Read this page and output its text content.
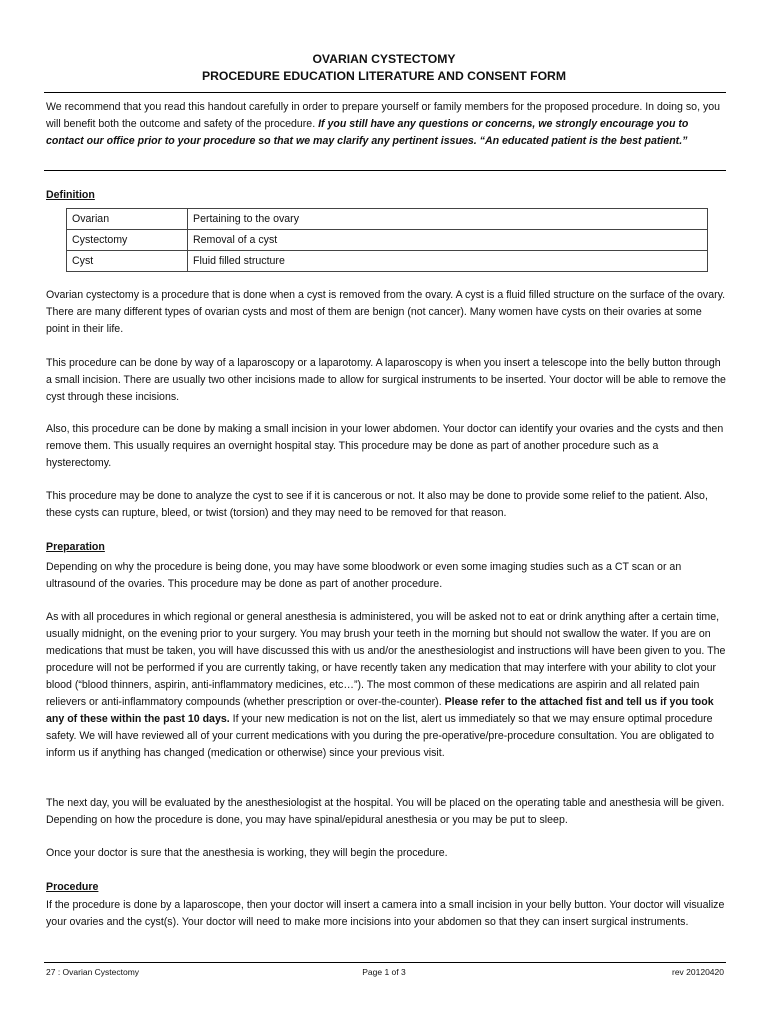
OVARIAN CYSTECTOMY
PROCEDURE EDUCATION LITERATURE AND CONSENT FORM
We recommend that you read this handout carefully in order to prepare yourself or family members for the proposed procedure. In doing so, you will benefit both the outcome and safety of the procedure. If you still have any questions or concerns, we strongly encourage you to contact our office prior to your procedure so that we may clarify any pertinent issues. “An educated patient is the best patient.”
Definition
Ovarian	Pertaining to the ovary
Cystectomy	Removal of a cyst
Cyst	Fluid filled structure
Ovarian cystectomy is a procedure that is done when a cyst is removed from the ovary. A cyst is a fluid filled structure on the surface of the ovary. There are many different types of ovarian cysts and most of them are benign (not cancer). Many women have cysts on their ovaries at some point in their life.
This procedure can be done by way of a laparoscopy or a laparotomy. A laparoscopy is when you insert a telescope into the belly button through a small incision. There are usually two other incisions made to allow for surgical instruments to be inserted. Your doctor will be able to remove the cyst through these incisions.
Also, this procedure can be done by making a small incision in your lower abdomen. Your doctor can identify your ovaries and the cysts and then remove them. This usually requires an overnight hospital stay. This procedure may be done as part of another procedure such as a hysterectomy.
This procedure may be done to analyze the cyst to see if it is cancerous or not. It also may be done to provide some relief to the patient. Also, these cysts can rupture, bleed, or twist (torsion) and they may need to be removed for that reason.
Preparation
Depending on why the procedure is being done, you may have some bloodwork or even some imaging studies such as a CT scan or an ultrasound of the ovaries. This procedure may be done as part of another procedure.
As with all procedures in which regional or general anesthesia is administered, you will be asked not to eat or drink anything after a certain time, usually midnight, on the evening prior to your surgery. You may brush your teeth in the morning but should not swallow the water. If you are on medications that must be taken, you will have discussed this with us and/or the anesthesiologist and instructions will have been given to you. The procedure will not be performed if you are currently taking, or have recently taken any medication that may interfere with your ability to clot your blood (“blood thinners, aspirin, anti-inflammatory medicines, etc…”). The most common of these medications are aspirin and all related pain relievers or anti-inflammatory compounds (whether prescription or over-the-counter). Please refer to the attached fist and tell us if you took any of these within the past 10 days. If your new medication is not on the list, alert us immediately so that we may ensure optimal procedure safety. We will have reviewed all of your current medications with you during the pre-operative/pre-procedure consultation. You are obligated to inform us if anything has changed (medication or otherwise) since your previous visit.
The next day, you will be evaluated by the anesthesiologist at the hospital. You will be placed on the operating table and anesthesia will be given. Depending on how the procedure is done, you may have spinal/epidural anesthesia or you may be put to sleep.
Once your doctor is sure that the anesthesia is working, they will begin the procedure.
Procedure
If the procedure is done by a laparoscope, then your doctor will insert a camera into a small incision in your belly button. Your doctor will visualize your ovaries and the cyst(s). Your doctor will need to make more incisions into your abdomen so that they can insert surgical instruments.
27 : Ovarian Cystectomy	Page 1 of 3	rev 20120420
